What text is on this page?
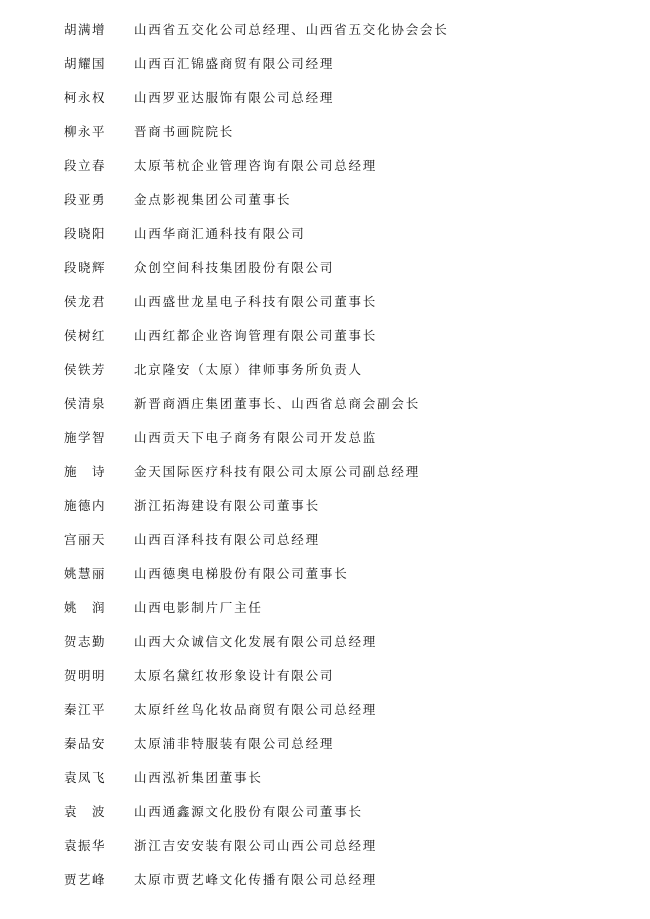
胡满增 山西省五交化公司总经理、山西省五交化协会会长
胡耀国 山西百汇锦盛商贸有限公司经理
柯永权 山西罗亚达服饰有限公司总经理
柳永平 晋商书画院院长
段立春 太原苇杭企业管理咨询有限公司总经理
段亚勇 金点影视集团公司董事长
段晓阳 山西华商汇通科技有限公司
段晓辉 众创空间科技集团股份有限公司
侯龙君 山西盛世龙星电子科技有限公司董事长
侯树红 山西红都企业咨询管理有限公司董事长
侯铁芳 北京隆安（太原）律师事务所负责人
侯清泉 新晋商酒庄集团董事长、山西省总商会副会长
施学智 山西贡天下电子商务有限公司开发总监
施　诗 金天国际医疗科技有限公司太原公司副总经理
施德内 浙江拓海建设有限公司董事长
宫丽天 山西百泽科技有限公司总经理
姚慧丽 山西德奥电梯股份有限公司董事长
姚　润 山西电影制片厂主任
贺志勤 山西大众诚信文化发展有限公司总经理
贺明明 太原名黛红妆形象设计有限公司
秦江平 太原纤丝鸟化妆品商贸有限公司总经理
秦品安 太原浦非特服装有限公司总经理
袁凤飞 山西泓祈集团董事长
袁　波 山西通鑫源文化股份有限公司董事长
袁振华 浙江吉安安装有限公司山西公司总经理
贾艺峰 太原市贾艺峰文化传播有限公司总经理
